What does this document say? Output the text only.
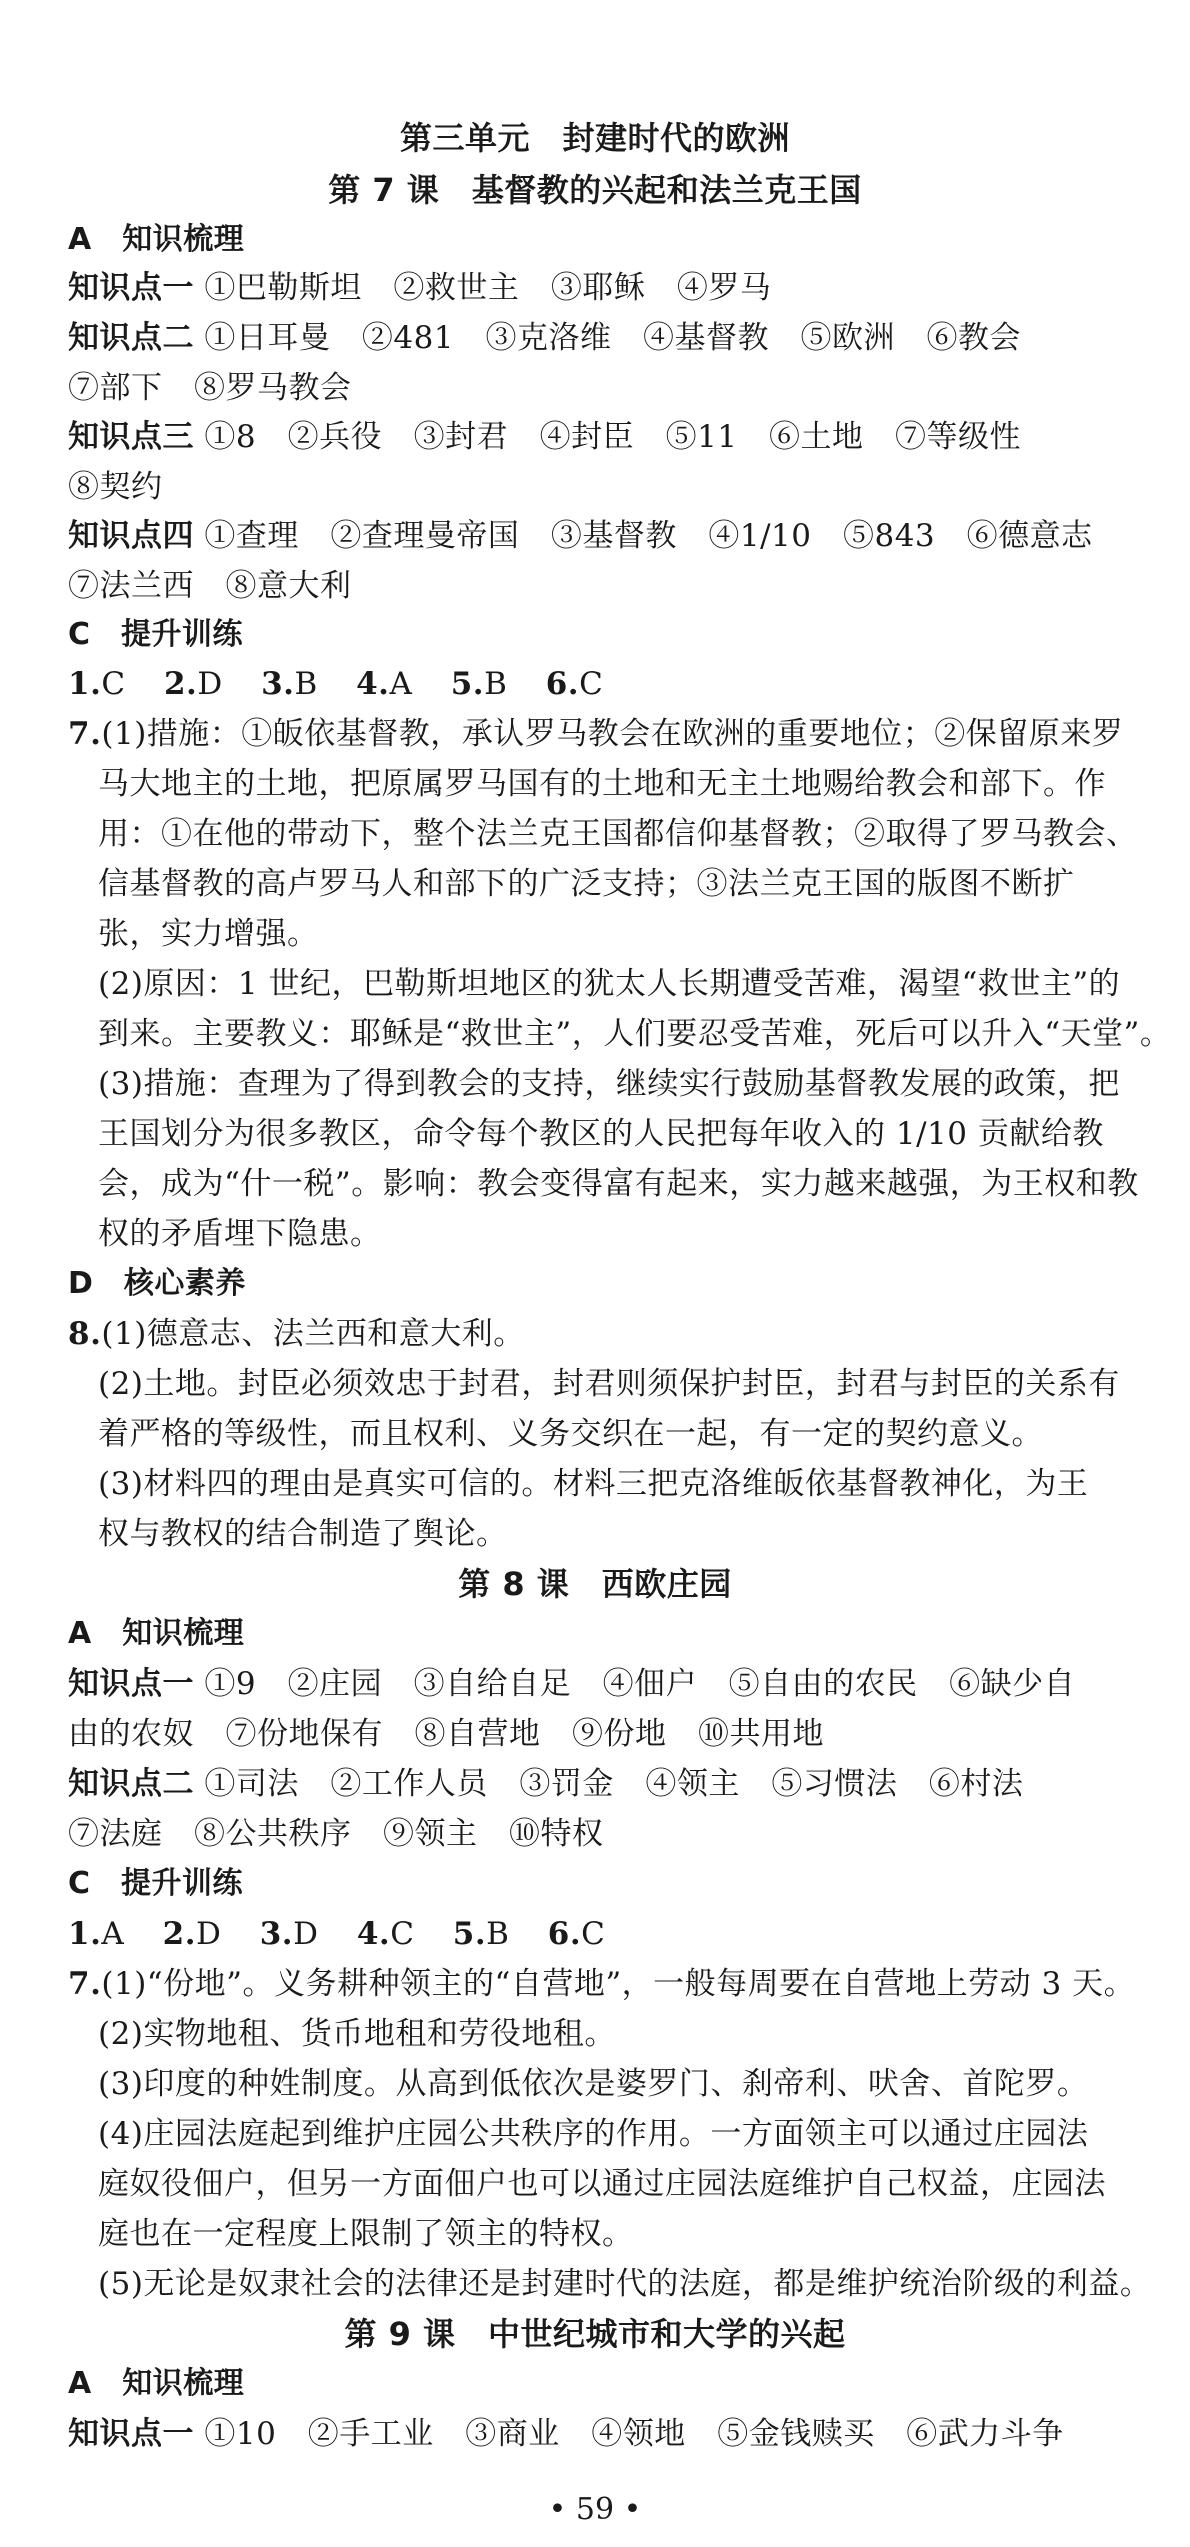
第三单元　封建时代的欧洲
第 7 课　基督教的兴起和法兰克王国
A　知识梳理
知识点一 ①巴勒斯坦　②救世主　③耶稣　④罗马
知识点二 ①日耳曼　②481　③克洛维　④基督教　⑤欧洲　⑥教会
⑦部下　⑧罗马教会
知识点三 ①8　②兵役　③封君　④封臣　⑤11　⑥土地　⑦等级性
⑧契约
知识点四 ①查理　②查理曼帝国　③基督教　④1/10　⑤843　⑥德意志
⑦法兰西　⑧意大利
C　提升训练
1.C 2.D 3.B 4.A 5.B 6.C
7.(1)措施：①皈依基督教，承认罗马教会在欧洲的重要地位；②保留原来罗
马大地主的土地，把原属罗马国有的土地和无主土地赐给教会和部下。作
用：①在他的带动下，整个法兰克王国都信仰基督教；②取得了罗马教会、
信基督教的高卢罗马人和部下的广泛支持；③法兰克王国的版图不断扩
张，实力增强。
(2)原因：1 世纪，巴勒斯坦地区的犹太人长期遭受苦难，渴望“救世主”的
到来。主要教义：耶稣是“救世主”，人们要忍受苦难，死后可以升入“天堂”。
(3)措施：查理为了得到教会的支持，继续实行鼓励基督教发展的政策，把
王国划分为很多教区，命令每个教区的人民把每年收入的 1/10 贡献给教
会，成为“什一税”。影响：教会变得富有起来，实力越来越强，为王权和教
权的矛盾埋下隐患。
D　核心素养
8.(1)德意志、法兰西和意大利。
(2)土地。封臣必须效忠于封君，封君则须保护封臣，封君与封臣的关系有
着严格的等级性，而且权利、义务交织在一起，有一定的契约意义。
(3)材料四的理由是真实可信的。材料三把克洛维皈依基督教神化，为王
权与教权的结合制造了舆论。
第 8 课　西欧庄园
A　知识梳理
知识点一 ①9　②庄园　③自给自足　④佃户　⑤自由的农民　⑥缺少自
由的农奴　⑦份地保有　⑧自营地　⑨份地　⑩共用地
知识点二 ①司法　②工作人员　③罚金　④领主　⑤习惯法　⑥村法
⑦法庭　⑧公共秩序　⑨领主　⑩特权
C　提升训练
1.A 2.D 3.D 4.C 5.B 6.C
7.(1)“份地”。义务耕种领主的“自营地”，一般每周要在自营地上劳动 3 天。
(2)实物地租、货币地租和劳役地租。
(3)印度的种姓制度。从高到低依次是婆罗门、刹帝利、吠舍、首陀罗。
(4)庄园法庭起到维护庄园公共秩序的作用。一方面领主可以通过庄园法
庭奴役佃户，但另一方面佃户也可以通过庄园法庭维护自己权益，庄园法
庭也在一定程度上限制了领主的特权。
(5)无论是奴隶社会的法律还是封建时代的法庭，都是维护统治阶级的利益。
第 9 课　中世纪城市和大学的兴起
A　知识梳理
知识点一 ①10　②手工业　③商业　④领地　⑤金钱赎买　⑥武力斗争
• 59 •
